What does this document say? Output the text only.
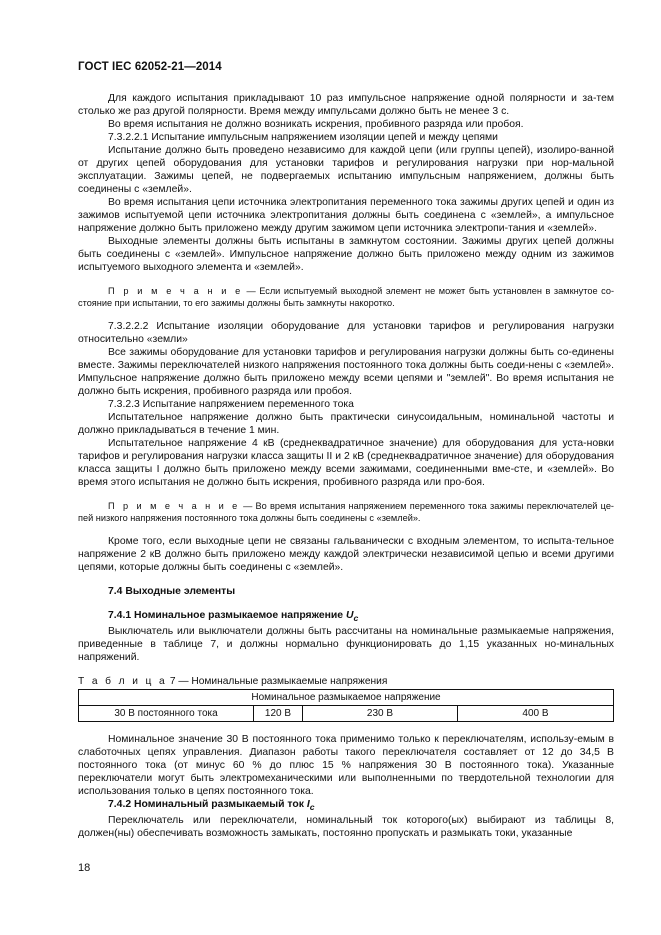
ГОСТ IEC 62052-21—2014

Для каждого испытания прикладывают 10 раз импульсное напряжение одной полярности и за-тем столько же раз другой полярности. Время между импульсами должно быть не менее 3 с.

Во время испытания не должно возникать искрения, пробивного разряда или пробоя.

7.3.2.2.1 Испытание импульсным напряжением изоляции цепей и между цепями

Испытание должно быть проведено независимо для каждой цепи (или группы цепей), изолиро-ванной от других цепей оборудования для установки тарифов и регулирования нагрузки при нор-мальной эксплуатации. Зажимы цепей, не подвергаемых испытанию импульсным напряжением, должны быть соединены с «землей».

Во время испытания цепи источника электропитания переменного тока зажимы других цепей и один из зажимов испытуемой цепи источника электропитания должны быть соединена с «землей», а импульсное напряжение должно быть приложено между другим зажимом цепи источника электропи-тания и «землей».

Выходные элементы должны быть испытаны в замкнутом состоянии. Зажимы других цепей должны быть соединены с «землей». Импульсное напряжение должно быть приложено между одним из зажимов испытуемого выходного элемента и «землей».

П р и м е ч а н и е — Если испытуемый выходной элемент не может быть установлен в замкнутое со-стояние при испытании, то его зажимы должны быть замкнуты накоротко.

7.3.2.2.2 Испытание изоляции оборудование для установки тарифов и регулирования нагрузки относительно «земли»

Все зажимы оборудование для установки тарифов и регулирования нагрузки должны быть со-единены вместе. Зажимы переключателей низкого напряжения постоянного тока должны быть соеди-нены с «землей». Импульсное напряжение должно быть приложено между всеми цепями и "землей". Во время испытания не должно быть искрения, пробивного разряда или пробоя.

7.3.2.3 Испытание напряжением переменного тока

Испытательное напряжение должно быть практически синусоидальным, номинальной частоты и должно прикладываться в течение 1 мин.

Испытательное напряжение 4 кВ (среднеквадратичное значение) для оборудования для уста-новки тарифов и регулирования нагрузки класса защиты II и 2 кВ (среднеквадратичное значение) для оборудования класса защиты I должно быть приложено между всеми зажимами, соединенными вме-сте, и «землей». Во время этого испытания не должно быть искрения, пробивного разряда или про-боя.

П р и м е ч а н и е — Во время испытания напряжением переменного тока зажимы переключателей це-пей низкого напряжения постоянного тока должны быть соединены с «землей».

Кроме того, если выходные цепи не связаны гальванически с входным элементом, то испыта-тельное напряжение 2 кВ должно быть приложено между каждой электрически независимой цепью и всеми другими цепями, которые должны быть соединены с «землей».

7.4 Выходные элементы

7.4.1 Номинальное размыкаемое напряжение $U_c$

Выключатель или выключатели должны быть рассчитаны на номинальные размыкаемые напряжения, приведенные в таблице 7, и должны нормально функционировать до 1,15 указанных но-минальных напряжений.

Т а б л и ц а 7 — Номинальные размыкаемые напряжения

Номинальное размыкаемое напряжение
30 В постоянного тока	120 В	230 В	400 В

Номинальное значение 30 В постоянного тока применимо только к переключателям, использу-емым в слаботочных цепях управления. Диапазон работы такого переключателя составляет от 12 до 34,5 В постоянного тока (от минус 60 % до плюс 15 % напряжения 30 В постоянного тока). Указанные переключатели могут быть электромеханическими или выполненными по твердотельной технологии для использования только в цепях постоянного тока.

7.4.2 Номинальный размыкаемый ток $I_c$

Переключатель или переключатели, номинальный ток которого(ых) выбирают из таблицы 8, должен(ны) обеспечивать возможность замыкать, постоянно пропускать и размыкать токи, указанные

18
